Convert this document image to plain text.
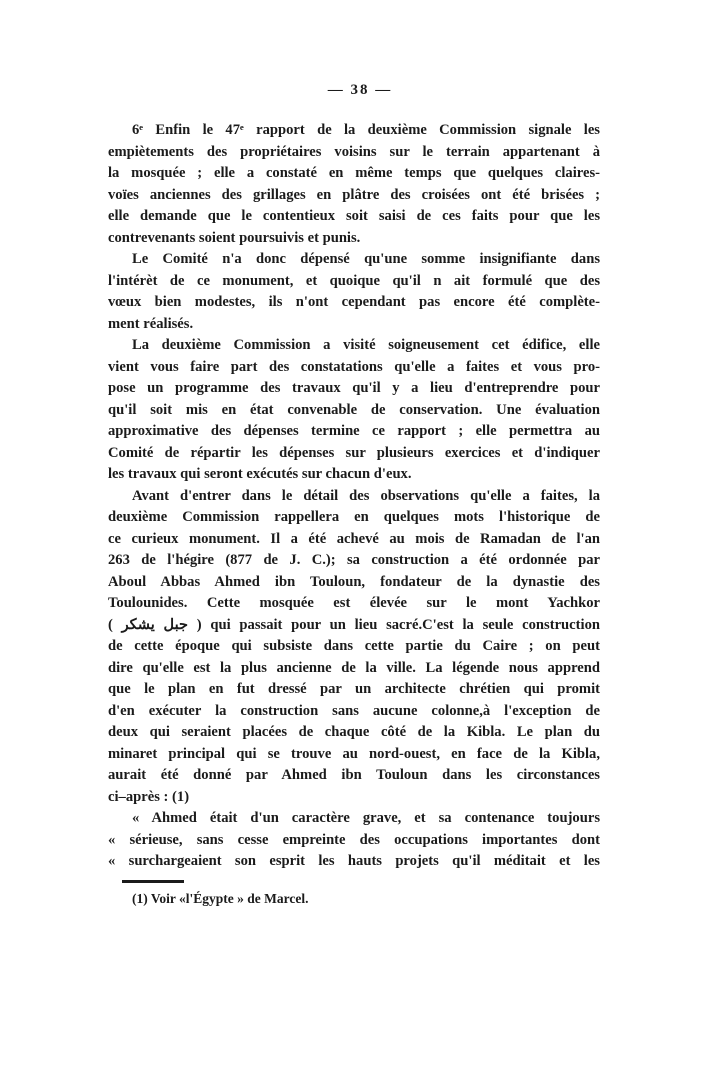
— 38 —
6ᵉ Enfin le 47ᵉ rapport de la deuxième Commission signale les
empiètements des propriétaires voisins sur le terrain appartenant à
la mosquée ; elle a constaté en même temps que quelques claires-
voïes anciennes des grillages en plâtre des croisées ont été brisées ;
elle demande que le contentieux soit saisi de ces faits pour que les
contrevenants soient poursuivis et punis.
Le Comité n'a donc dépensé qu'une somme insignifiante dans
l'intérèt de ce monument, et quoique qu'il n ait formulé que des
vœux bien modestes, ils n'ont cependant pas encore été complète-
ment réalisés.
La deuxième Commission a visité soigneusement cet édifice, elle
vient vous faire part des constatations qu'elle a faites et vous pro-
pose un programme des travaux qu'il y a lieu d'entreprendre pour
qu'il soit mis en état convenable de conservation. Une évaluation
approximative des dépenses termine ce rapport ; elle permettra au
Comité de répartir les dépenses sur plusieurs exercices et d'indiquer
les travaux qui seront exécutés sur chacun d'eux.
Avant d'entrer dans le détail des observations qu'elle a faites, la
deuxième Commission rappellera en quelques mots l'historique de
ce curieux monument. Il a été achevé au mois de Ramadan de l'an
263 de l'hégire (877 de J. C.); sa construction a été ordonnée par
Aboul Abbas Ahmed ibn Touloun, fondateur de la dynastie des
Toulounides. Cette mosquée est élevée sur le mont Yachkor
( جبل يشكر ) qui passait pour un lieu sacré.C'est la seule construction
de cette époque qui subsiste dans cette partie du Caire ; on peut
dire qu'elle est la plus ancienne de la ville. La légende nous apprend
que le plan en fut dressé par un architecte chrétien qui promit
d'en exécuter la construction sans aucune colonne,à l'exception de
deux qui seraient placées de chaque côté de la Kibla. Le plan du
minaret principal qui se trouve au nord-ouest, en face de la Kibla,
aurait été donné par Ahmed ibn Touloun dans les circonstances
ci–après : (1)
« Ahmed était d'un caractère grave, et sa contenance toujours
« sérieuse, sans cesse empreinte des occupations importantes dont
« surchargeaient son esprit les hauts projets qu'il méditait et les
(1) Voir «l'Égypte » de Marcel.
